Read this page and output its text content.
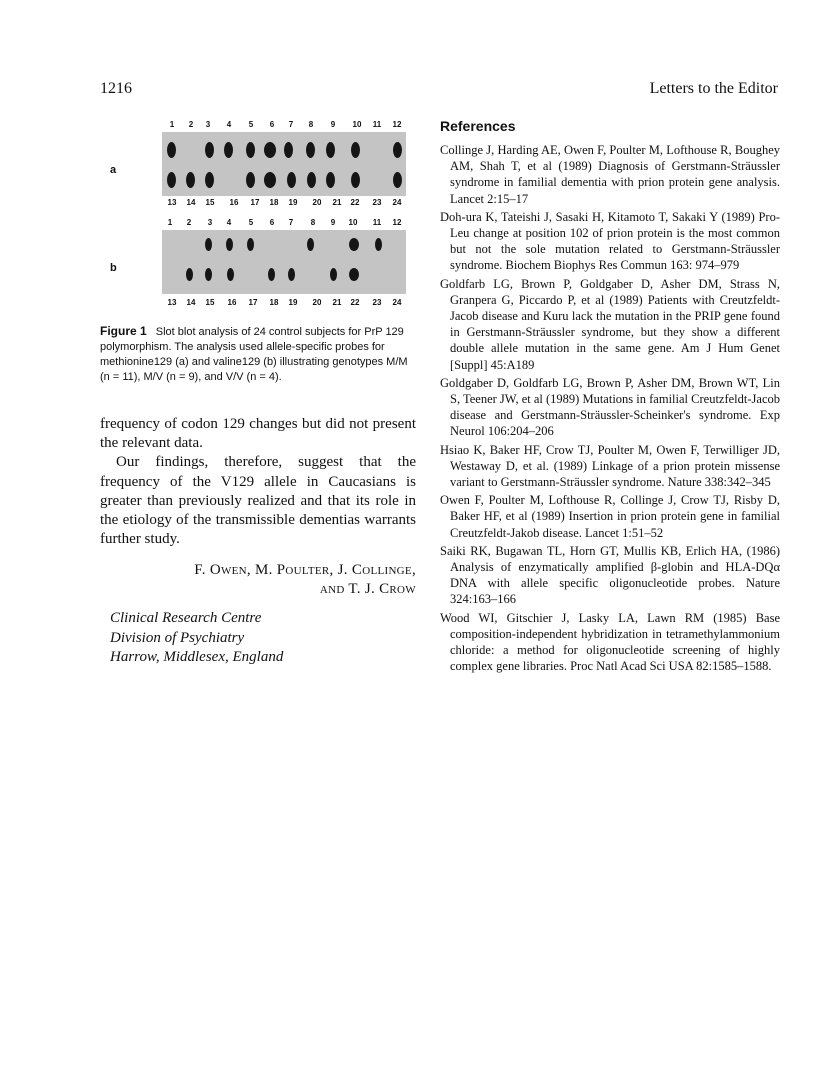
1216	Letters to the Editor
a
b
1 2 3 4 5 6 7 8 9 10 11 12
13 14 15 16 17 18 19 20 21 22 23 24
1 2 3 4 5 6 7 8 9 10 11 12
13 14 15 16 17 18 19 20 21 22 23 24
Figure 1 Slot blot analysis of 24 control subjects for PrP 129 polymorphism. The analysis used allele-specific probes for methionine129 (a) and valine129 (b) illustrating genotypes M/M (n = 11), M/V (n = 9), and V/V (n = 4).

frequency of codon 129 changes but did not present the relevant data.

Our findings, therefore, suggest that the frequency of the V129 allele in Caucasians is greater than previously realized and that its role in the etiology of the transmissible dementias warrants further study.

F. Owen, M. Poulter, J. Collinge,
and T. J. Crow
Clinical Research Centre
Division of Psychiatry
Harrow, Middlesex, England
References
Collinge J, Harding AE, Owen F, Poulter M, Lofthouse R, Boughey AM, Shah T, et al (1989) Diagnosis of Gerstmann-Sträussler syndrome in familial dementia with prion protein gene analysis. Lancet 2:15–17
Doh-ura K, Tateishi J, Sasaki H, Kitamoto T, Sakaki Y (1989) Pro-Leu change at position 102 of prion protein is the most common but not the sole mutation related to Gerstmann-Sträussler syndrome. Biochem Biophys Res Commun 163: 974–979
Goldfarb LG, Brown P, Goldgaber D, Asher DM, Strass N, Granpera G, Piccardo P, et al (1989) Patients with Creutzfeldt-Jacob disease and Kuru lack the mutation in the PRIP gene found in Gerstmann-Sträussler syndrome, but they show a different double allele mutation in the same gene. Am J Hum Genet [Suppl] 45:A189
Goldgaber D, Goldfarb LG, Brown P, Asher DM, Brown WT, Lin S, Teener JW, et al (1989) Mutations in familial Creutzfeldt-Jacob disease and Gerstmann-Sträussler-Scheinker's syndrome. Exp Neurol 106:204–206
Hsiao K, Baker HF, Crow TJ, Poulter M, Owen F, Terwilliger JD, Westaway D, et al. (1989) Linkage of a prion protein missense variant to Gerstmann-Sträussler syndrome. Nature 338:342–345
Owen F, Poulter M, Lofthouse R, Collinge J, Crow TJ, Risby D, Baker HF, et al (1989) Insertion in prion protein gene in familial Creutzfeldt-Jakob disease. Lancet 1:51–52
Saiki RK, Bugawan TL, Horn GT, Mullis KB, Erlich HA, (1986) Analysis of enzymatically amplified β-globin and HLA-DQα DNA with allele specific oligonucleotide probes. Nature 324:163–166
Wood WI, Gitschier J, Lasky LA, Lawn RM (1985) Base composition-independent hybridization in tetramethylammonium chloride: a method for oligonucleotide screening of highly complex gene libraries. Proc Natl Acad Sci USA 82:1585–1588.
